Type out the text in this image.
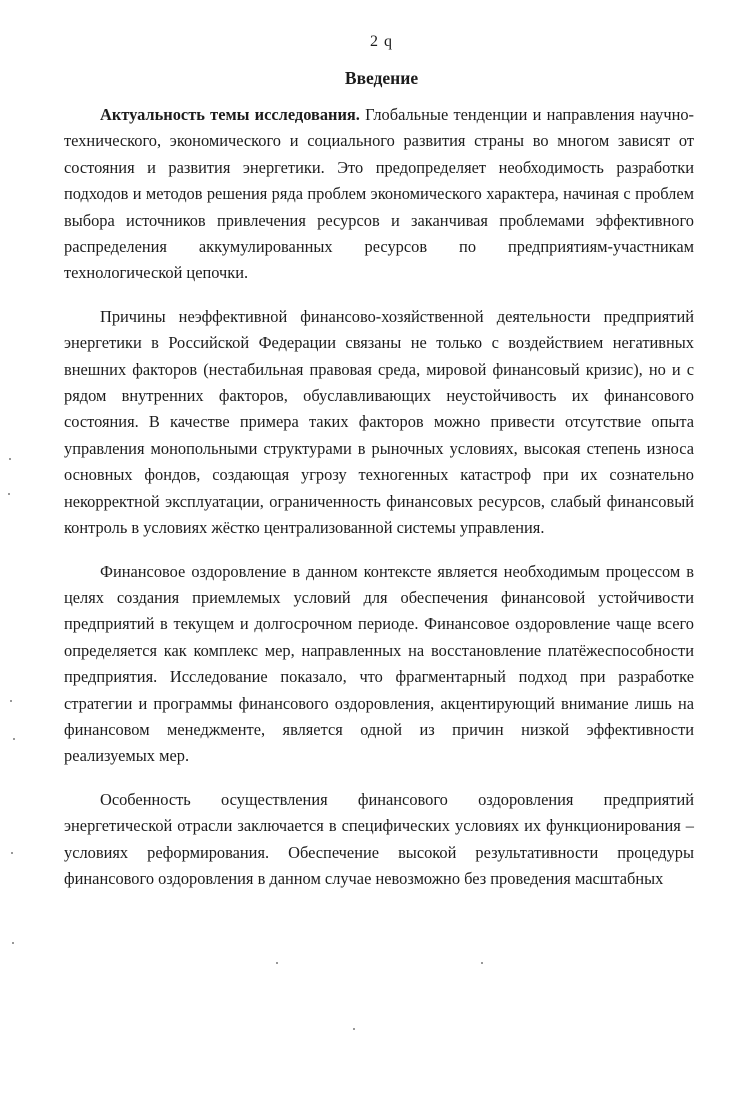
2 q
Введение

Актуальность темы исследования. Глобальные тенденции и направления научно-технического, экономического и социального развития страны во многом зависят от состояния и развития энергетики. Это предопределяет необходимость разработки подходов и методов решения ряда проблем экономического характера, начиная с проблем выбора источников привлечения ресурсов и заканчивая проблемами эффективного распределения аккумулированных ресурсов по предприятиям-участникам технологической цепочки.

Причины неэффективной финансово-хозяйственной деятельности предприятий энергетики в Российской Федерации связаны не только с воздействием негативных внешних факторов (нестабильная правовая среда, мировой финансовый кризис), но и с рядом внутренних факторов, обуславливающих неустойчивость их финансового состояния. В качестве примера таких факторов можно привести отсутствие опыта управления монопольными структурами в рыночных условиях, высокая степень износа основных фондов, создающая угрозу техногенных катастроф при их сознательно некорректной эксплуатации, ограниченность финансовых ресурсов, слабый финансовый контроль в условиях жёстко централизованной системы управления.

Финансовое оздоровление в данном контексте является необходимым процессом в целях создания приемлемых условий для обеспечения финансовой устойчивости предприятий в текущем и долгосрочном периоде. Финансовое оздоровление чаще всего определяется как комплекс мер, направленных на восстановление платёжеспособности предприятия. Исследование показало, что фрагментарный подход при разработке стратегии и программы финансового оздоровления, акцентирующий внимание лишь на финансовом менеджменте, является одной из причин низкой эффективности реализуемых мер.

Особенность осуществления финансового оздоровления предприятий энергетической отрасли заключается в специфических условиях их функционирования – условиях реформирования. Обеспечение высокой результативности процедуры финансового оздоровления в данном случае невозможно без проведения масштабных
